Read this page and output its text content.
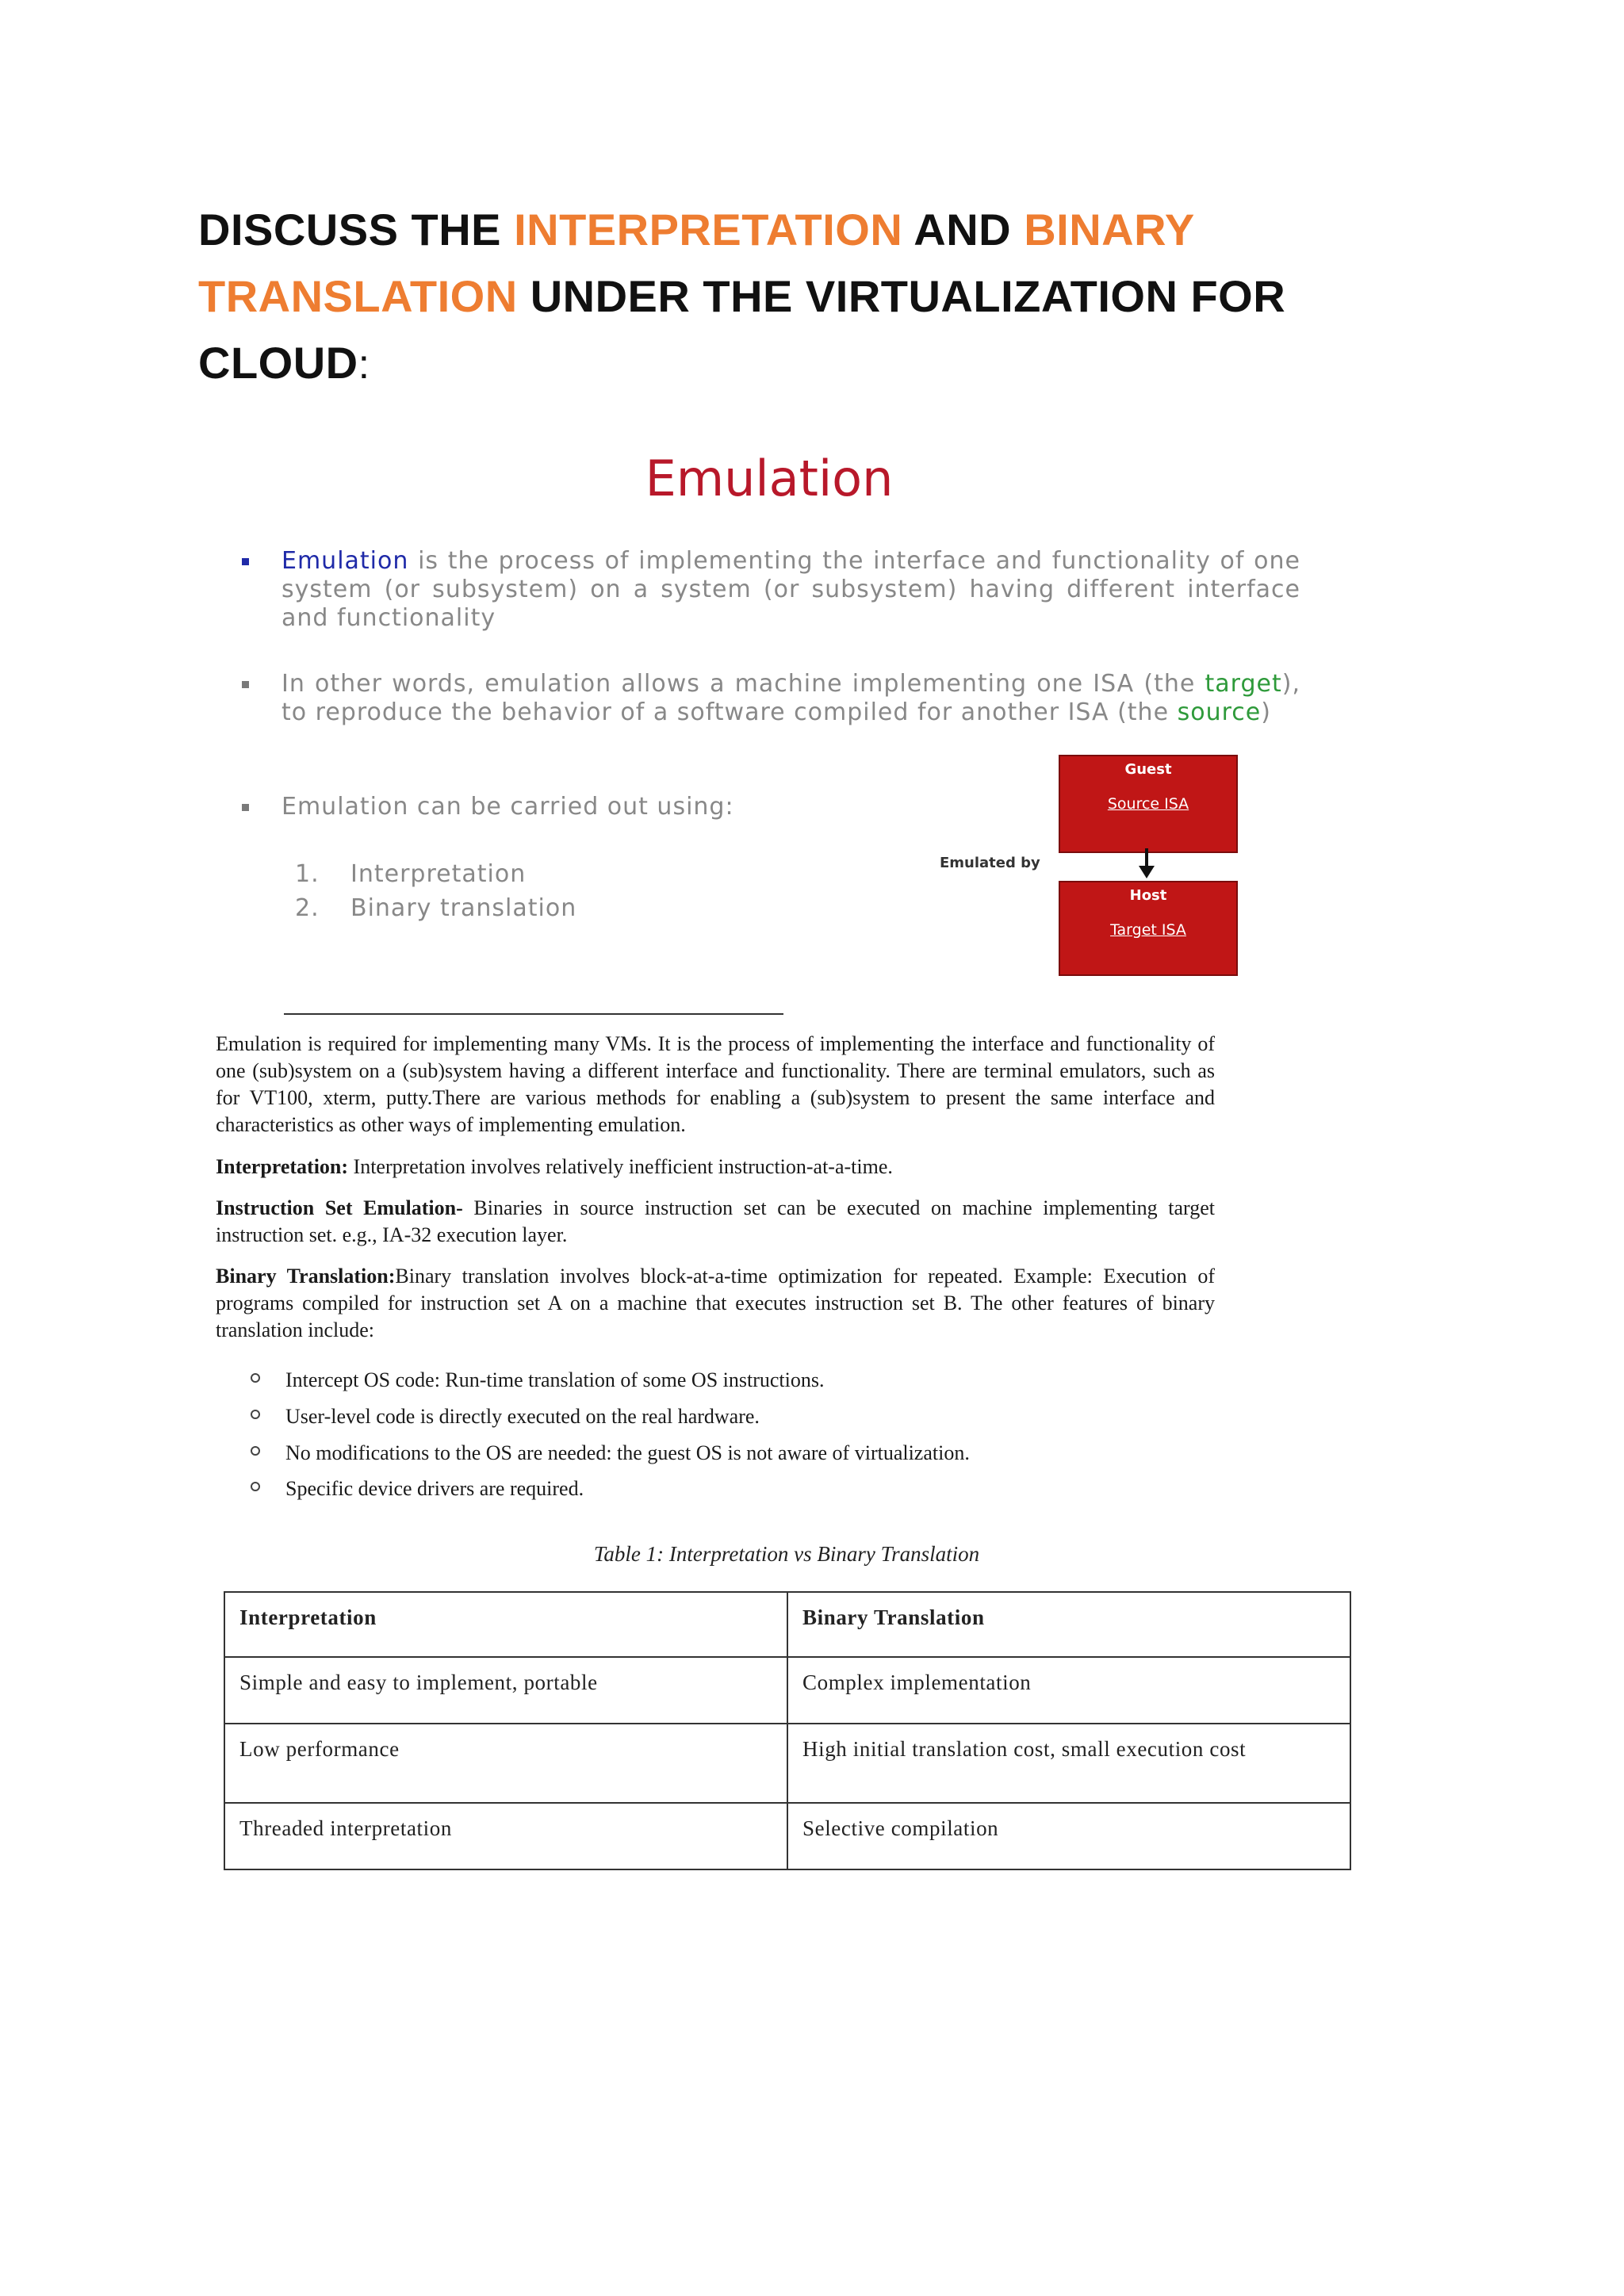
DISCUSS THE INTERPRETATION AND BINARY TRANSLATION UNDER THE VIRTUALIZATION FOR CLOUD:
Emulation
Emulation is the process of implementing the interface and functionality of one system (or subsystem) on a system (or subsystem) having different interface and functionality
In other words, emulation allows a machine implementing one ISA (the target), to reproduce the behavior of a software compiled for another ISA (the source)
Emulation can be carried out using:
1. Interpretation
2. Binary translation
Guest
Source ISA
Emulated by
Host
Target ISA
Emulation is required for implementing many VMs. It is the process of implementing the interface and functionality of one (sub)system on a (sub)system having a different interface and functionality. There are terminal emulators, such as for VT100, xterm, putty.There are various methods for enabling a (sub)system to present the same interface and characteristics as other ways of implementing emulation.
Interpretation: Interpretation involves relatively inefficient instruction-at-a-time.
Instruction Set Emulation- Binaries in source instruction set can be executed on machine implementing target instruction set. e.g., IA-32 execution layer.
Binary Translation:Binary translation involves block-at-a-time optimization for repeated. Example: Execution of programs compiled for instruction set A on a machine that executes instruction set B. The other features of binary translation include:
Intercept OS code: Run-time translation of some OS instructions.
User-level code is directly executed on the real hardware.
No modifications to the OS are needed: the guest OS is not aware of virtualization.
Specific device drivers are required.
Table 1: Interpretation vs Binary Translation
Interpretation	Binary Translation
Simple and easy to implement, portable	Complex implementation
Low performance	High initial translation cost, small execution cost
Threaded interpretation	Selective compilation
